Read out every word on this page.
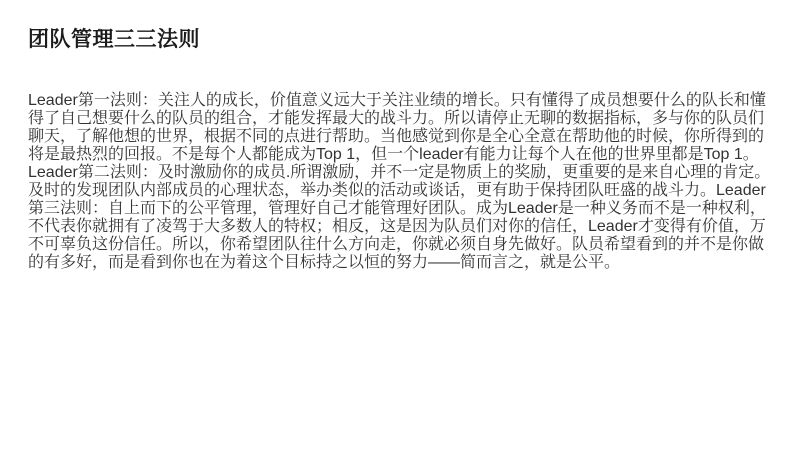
团队管理三三法则

Leader第一法则：关注人的成长，价值意义远大于关注业绩的增长。只有懂得了成员想要什么的队长和懂得了自己想要什么的队员的组合，才能发挥最大的战斗力。所以请停止无聊的数据指标，多与你的队员们聊天，了解他想的世界，根据不同的点进行帮助。当他感觉到你是全心全意在帮助他的时候，你所得到的将是最热烈的回报。不是每个人都能成为Top 1，但一个leader有能力让每个人在他的世界里都是Top 1。Leader第二法则：及时激励你的成员.所谓激励，并不一定是物质上的奖励，更重要的是来自心理的肯定。及时的发现团队内部成员的心理状态，举办类似的活动或谈话，更有助于保持团队旺盛的战斗力。Leader第三法则：自上而下的公平管理，管理好自己才能管理好团队。成为Leader是一种义务而不是一种权利，不代表你就拥有了凌驾于大多数人的特权；相反，这是因为队员们对你的信任，Leader才变得有价值，万不可辜负这份信任。所以，你希望团队往什么方向走，你就必须自身先做好。队员希望看到的并不是你做的有多好，而是看到你也在为着这个目标持之以恒的努力——简而言之，就是公平。
